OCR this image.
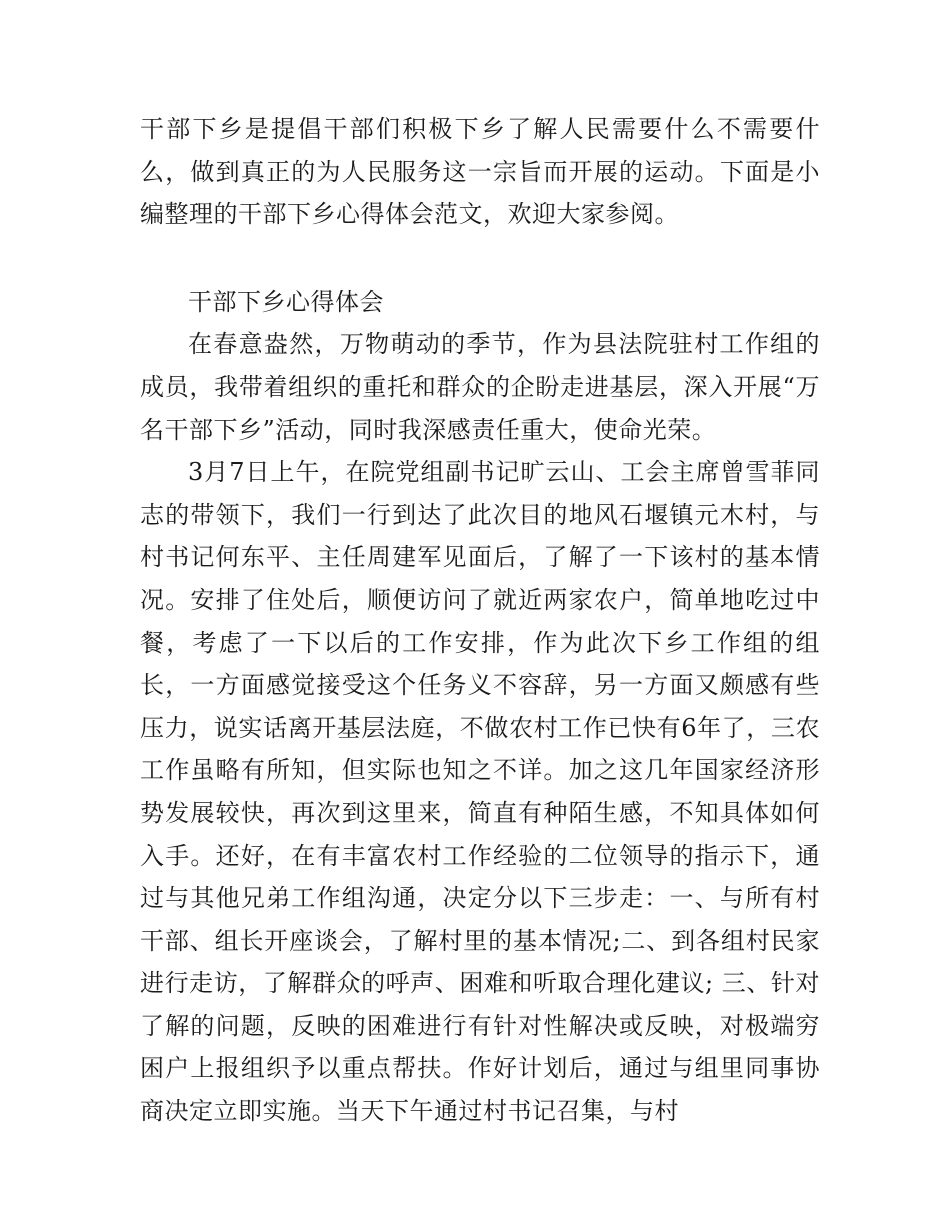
干部下乡是提倡干部们积极下乡了解人民需要什么不需要什么，做到真正的为人民服务这一宗旨而开展的运动。下面是小编整理的干部下乡心得体会范文，欢迎大家参阅。

干部下乡心得体会

在春意盎然，万物萌动的季节，作为县法院驻村工作组的成员，我带着组织的重托和群众的企盼走进基层，深入开展“万名干部下乡”活动，同时我深感责任重大，使命光荣。

3月7日上午，在院党组副书记旷云山、工会主席曾雪菲同志的带领下，我们一行到达了此次目的地风石堰镇元木村，与村书记何东平、主任周建军见面后，了解了一下该村的基本情况。安排了住处后，顺便访问了就近两家农户，简单地吃过中餐，考虑了一下以后的工作安排，作为此次下乡工作组的组长，一方面感觉接受这个任务义不容辞，另一方面又颇感有些压力，说实话离开基层法庭，不做农村工作已快有6年了，三农工作虽略有所知，但实际也知之不详。加之这几年国家经济形势发展较快，再次到这里来，简直有种陌生感，不知具体如何入手。还好，在有丰富农村工作经验的二位领导的指示下，通过与其他兄弟工作组沟通，决定分以下三步走：一、与所有村干部、组长开座谈会，了解村里的基本情况;二、到各组村民家进行走访，了解群众的呼声、困难和听取合理化建议; 三、针对了解的问题，反映的困难进行有针对性解决或反映，对极端穷困户上报组织予以重点帮扶。作好计划后，通过与组里同事协商决定立即实施。当天下午通过村书记召集，与村
